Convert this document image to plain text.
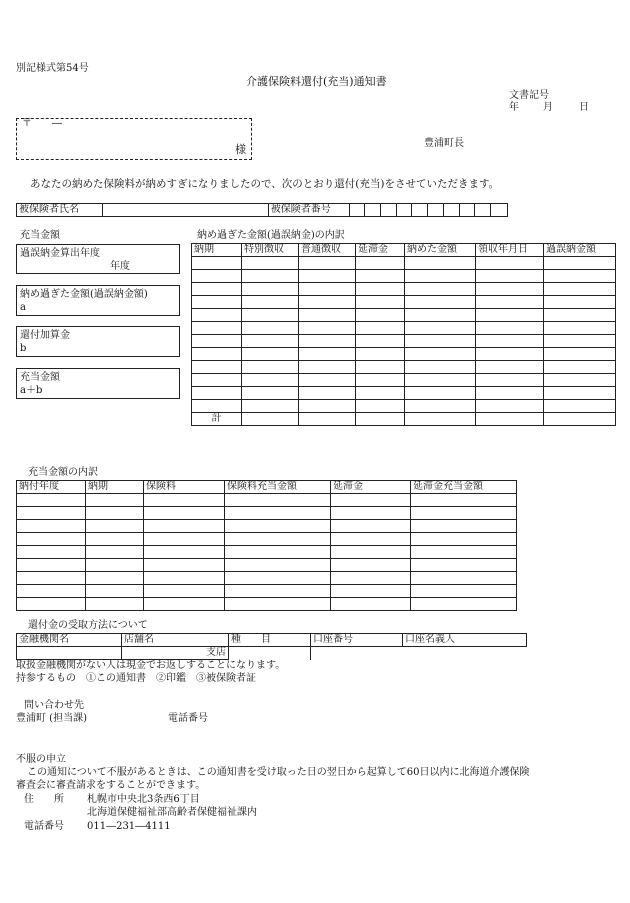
別記様式第54号
介護保険料還付(充当)通知書
文書記号
年 月	日
〒　　―
様	豊浦町長
あなたの納めた保険料が納めすぎになりましたので、次のとおり還付(充当)をさせていただきます。
被保険者氏名		被保険者番号										
充当金額
過誤納金算出年度
年度
納め過ぎた金額(過誤納金額)
a
還付加算金
b
充当金額
a＋b
納め過ぎた金額(過誤納金)の内訳
納期	特別徴収	普通徴収	延滞金	納めた金額	領収年月日	過誤納金額

計						
充当金額の内訳
納付年度	納期	保険料	保険料充当金額	延滞金	延滞金充当金額

還付金の受取方法について
金融機関名	店舗名	種　　目	口座番号	口座名義人
	支店			
取扱金融機関がない人は現金でお返しすることになります。
持参するもの　①この通知書　②印鑑　③被保険者証
問い合わせ先
豊浦町 (担当課)	電話番号
不服の申立
この通知について不服があるときは、この通知書を受け取った日の翌日から起算して60日以内に北海道介護保険
審査会に審査請求をすることができます。
住　　所 札幌市中央北3条西6丁目
北海道保健福祉部高齢者保健福祉課内
電話番号 011―231―4111
